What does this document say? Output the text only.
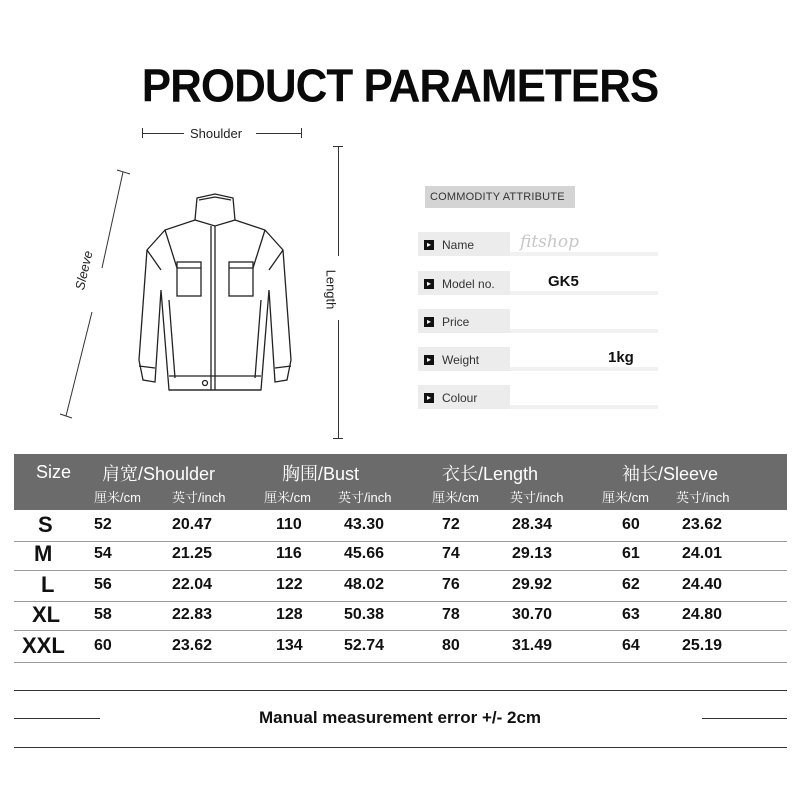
PRODUCT PARAMETERS
Shoulder
Length
Sleeve
COMMODITY ATTRIBUTE
▸ Name	fitshop
▸ Model no.	GK5
▸ Price
▸ Weight	1kg
▸ Colour
Size 肩宽/Shoulder	胸围/Bust	衣长/Length	袖长/Sleeve
厘米/cm 英寸/inch	厘米/cm 英寸/inch	厘米/cm 英寸/inch	厘米/cm 英寸/inch
S	52	20.47	110	43.30	72	28.34	60	23.62
M	54	21.25	116	45.66	74	29.13	61	24.01
L 56	22.04	122	48.02	76	29.92	62	24.40
XL 58	22.83	128	50.38	78	30.70	63	24.80
XXL 60	23.62	134	52.74	80	31.49	64	25.19
Manual measurement error +/- 2cm
